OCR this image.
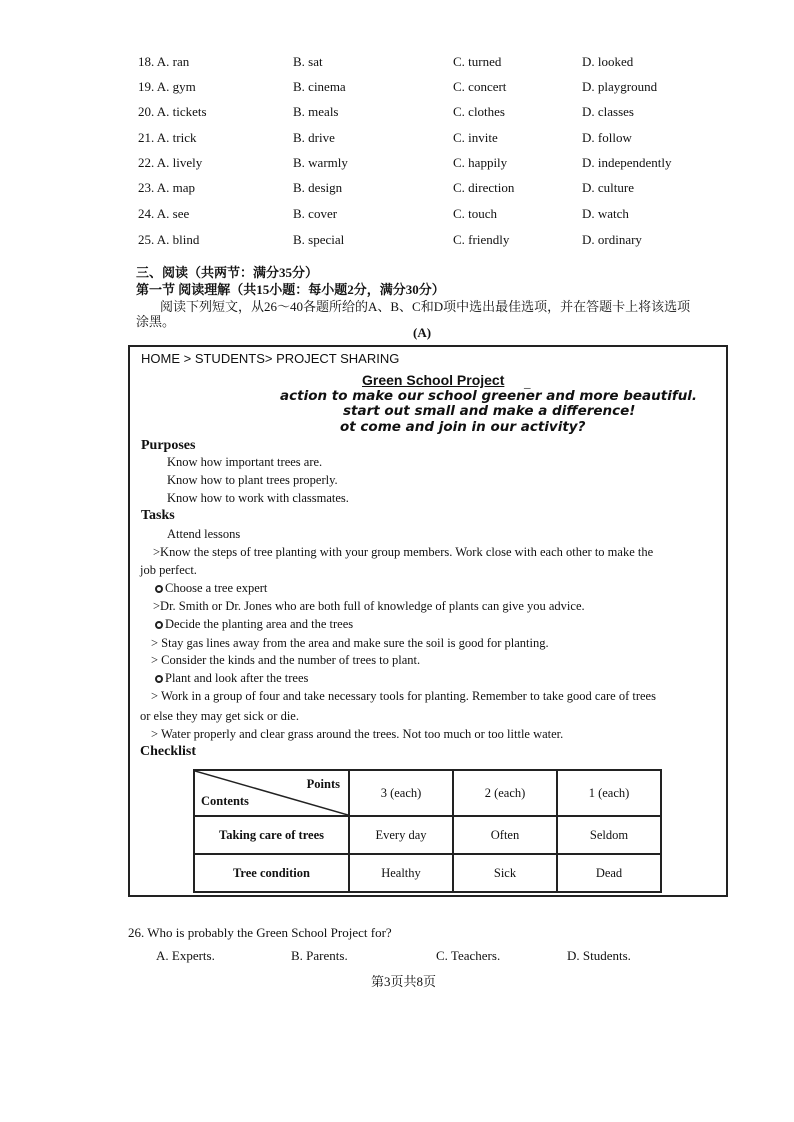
18. A. ran	B. sat	C. turned	D. looked
19. A. gym	B. cinema	C. concert	D. playground
20. A. tickets	B. meals	C. clothes	D. classes
21. A. trick	B. drive	C. invite	D. follow
22. A. lively	B. warmly	C. happily	D. independently
23. A. map	B. design	C. direction	D. culture
24. A. see	B. cover	C. touch	D. watch
25. A. blind	B. special	C. friendly	D. ordinary
三、阅读（共两节：满分35分）
第一节 阅读理解（共15小题：每小题2分，满分30分）
阅读下列短文，从26～40各题所给的A、B、C和D项中选出最佳选项，并在答题卡上将该选项
涂黑。
(A)
HOME > STUDENTS> PROJECT SHARING
Green School Project _
action to make our school greener and more beautiful.
start out small and make a difference!
ot come and join in our activity?
Purposes
Know how important trees are.
Know how to plant trees properly.
Know how to work with classmates.
Tasks
Attend lessons
>Know the steps of tree planting with your group members. Work close with each other to make the
job perfect.
Choose a tree expert
>Dr. Smith or Dr. Jones who are both full of knowledge of plants can give you advice.
Decide the planting area and the trees
> Stay gas lines away from the area and make sure the soil is good for planting.
> Consider the kinds and the number of trees to plant.
Plant and look after the trees
> Work in a group of four and take necessary tools for planting. Remember to take good care of trees
or else they may get sick or die.
> Water properly and clear grass around the trees. Not too much or too little water.
Checklist
Points
Contents	3 (each)	2 (each)	1 (each)
Taking care of trees	Every day	Often	Seldom
Tree condition	Healthy	Sick	Dead
26. Who is probably the Green School Project for?
A. Experts.	B. Parents.	C. Teachers.	D. Students.
第3页共8页
